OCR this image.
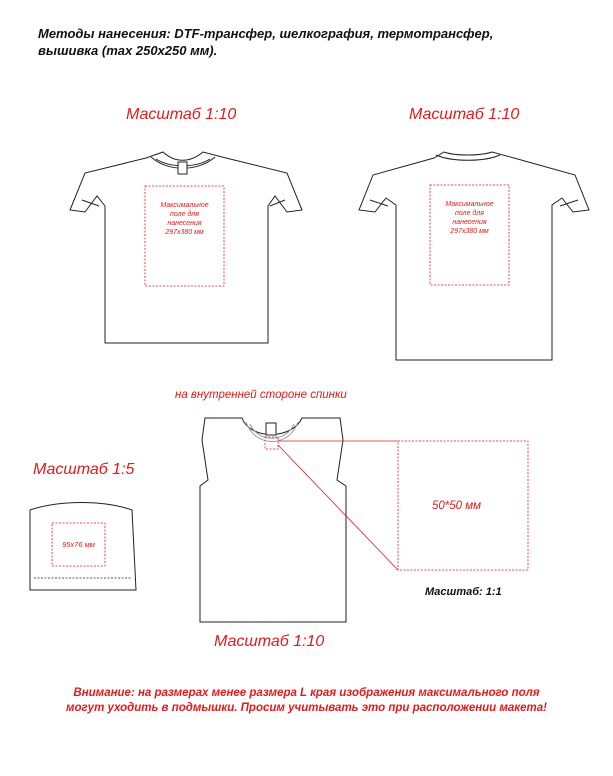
Методы нанесения: DTF-трансфер, шелкография, термотрансфер,
вышивка (max 250x250 мм).
Масштаб 1:10
Максимальное
поле для
нанесения
297x380 мм
Масштаб 1:10
Максимальное
поле для
нанесения
297x380 мм
на внутренней стороне спинки
50*50 мм
Масштаб: 1:1
Масштаб 1:10
Масштаб 1:5
95x76 мм
Внимание: на размерах менее размера L края изображения максимального поля
могут уходить в подмышки. Просим учитывать это при расположении макета!
